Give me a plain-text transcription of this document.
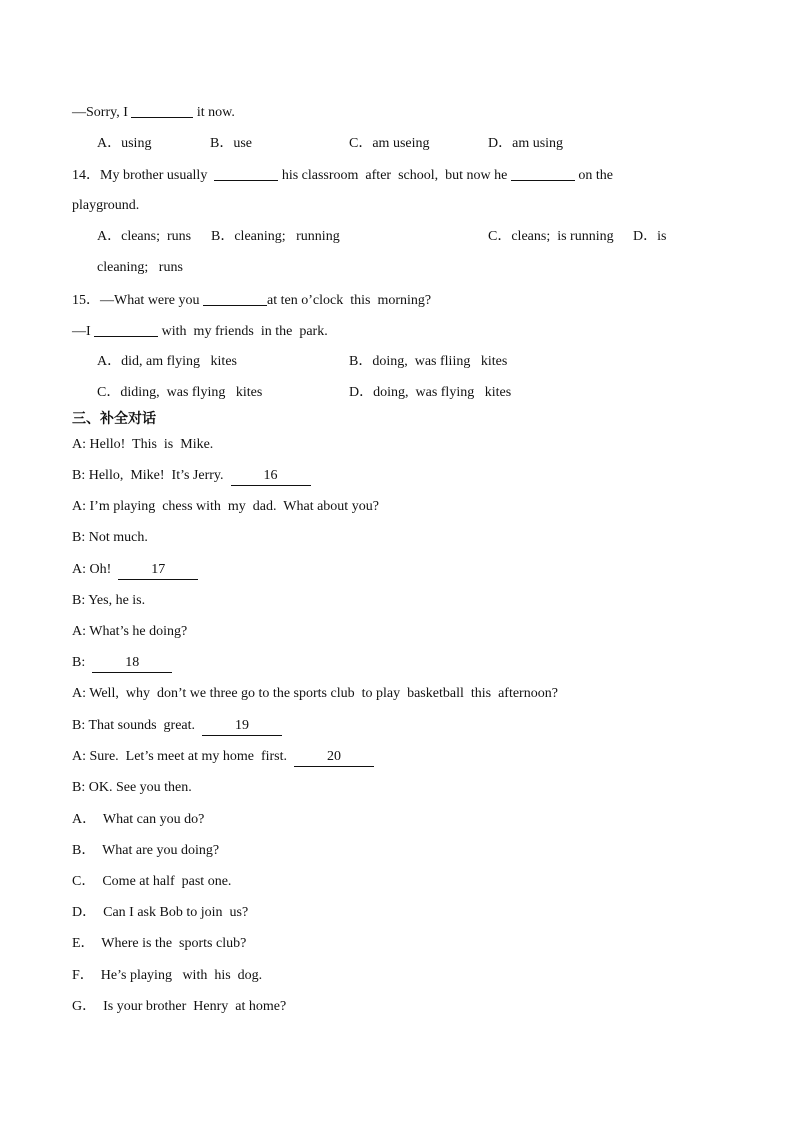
—Sorry, I	it now.
A．using	B．use	C．am useing	D．am using
14．My brother usually	his classroom  after  school,  but now he	on the
playground.
A．cleans;  runs B．cleaning;   running	C．cleans;  is running D．is
cleaning;   runs
15．—What were you	at ten o’clock  this  morning?
—I	with  my friends  in the  park.
A．did, am flying   kites	B．doing,  was fliing   kites
C．diding,  was flying   kites	D．doing,  was flying   kites
三、补全对话
A: Hello!  This  is  Mike.
B: Hello,  Mike!  It’s Jerry.  16
A: I’m playing  chess with  my  dad.  What about you?
B: Not much.
A: Oh!  17
B: Yes, he is.
A: What’s he doing?
B:  18
A: Well,  why  don’t we three go to the sports club  to play  basketball  this  afternoon?
B: That sounds  great.  19
A: Sure.  Let’s meet at my home  first.  20
B: OK. See you then.
A．  What can you do?
B．  What are you doing?
C．  Come at half  past one.
D．  Can I ask Bob to join  us?
E．  Where is the  sports club?
F．  He’s playing   with  his  dog.
G．  Is your brother  Henry  at home?
